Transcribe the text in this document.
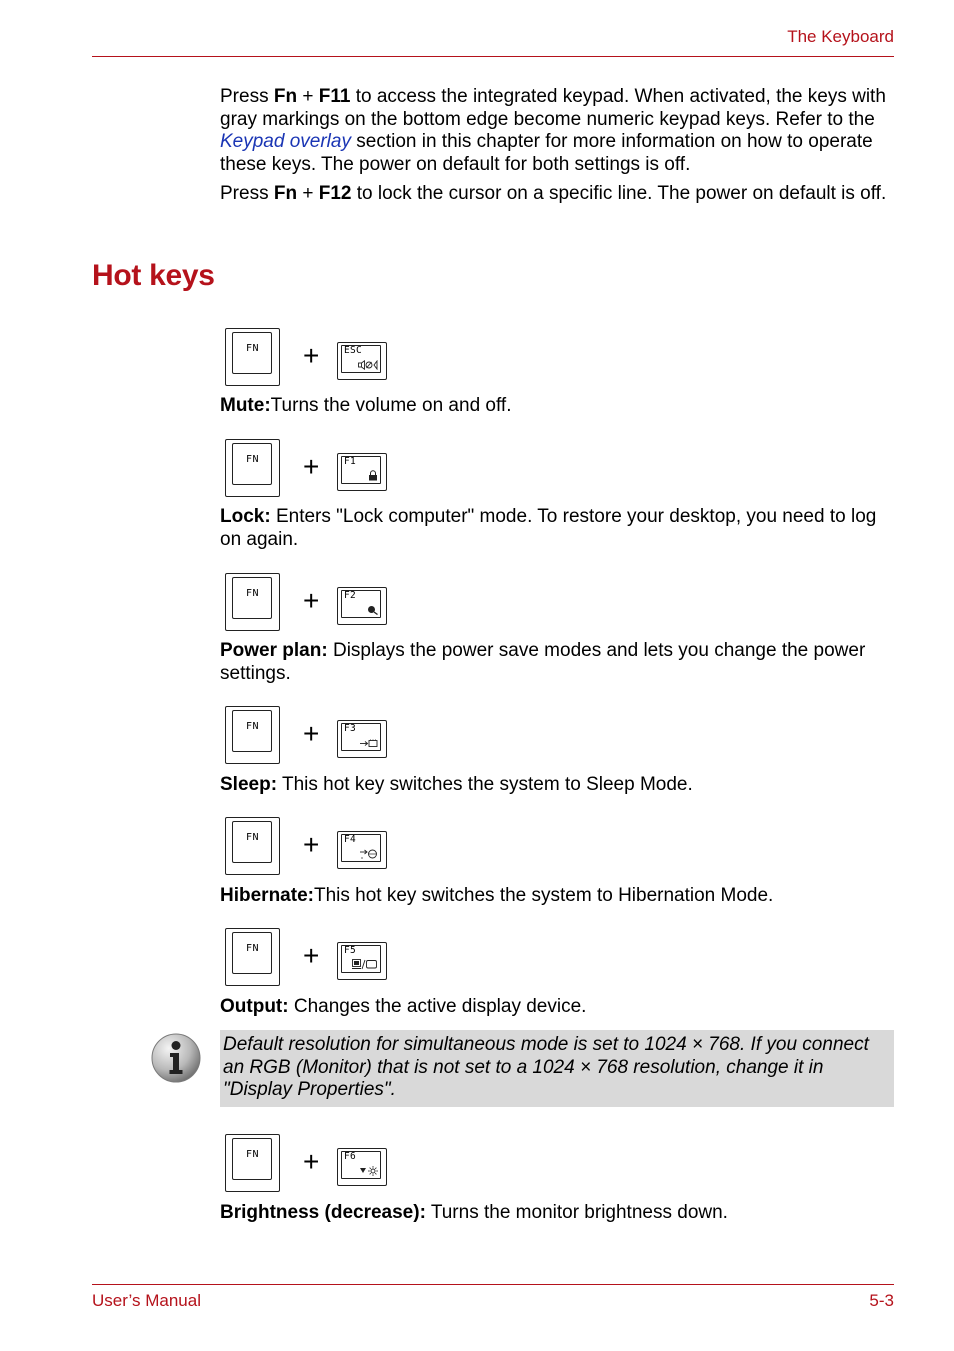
The Keyboard
Press Fn + F11 to access the integrated keypad. When activated, the keys with gray markings on the bottom edge become numeric keypad keys. Refer to the Keypad overlay section in this chapter for more information on how to operate these keys. The power on default for both settings is off.
Press Fn + F12 to lock the cursor on a specific line. The power on default is off.
Hot keys
FN	+	ESC
Mute:Turns the volume on and off.
FN	+	F1
Lock: Enters "Lock computer" mode. To restore your desktop, you need to log on again.
FN	+	F2
Power plan: Displays the power save modes and lets you change the power settings.
FN	+	F3
Sleep: This hot key switches the system to Sleep Mode.
FN	+	F4
Hibernate:This hot key switches the system to Hibernation Mode.
FN	+	F5
Output: Changes the active display device.
Default resolution for simultaneous mode is set to 1024 × 768. If you connect an RGB (Monitor) that is not set to a 1024 × 768 resolution, change it in "Display Properties".
FN	+	F6
Brightness (decrease): Turns the monitor brightness down.
User’s Manual	5-3
